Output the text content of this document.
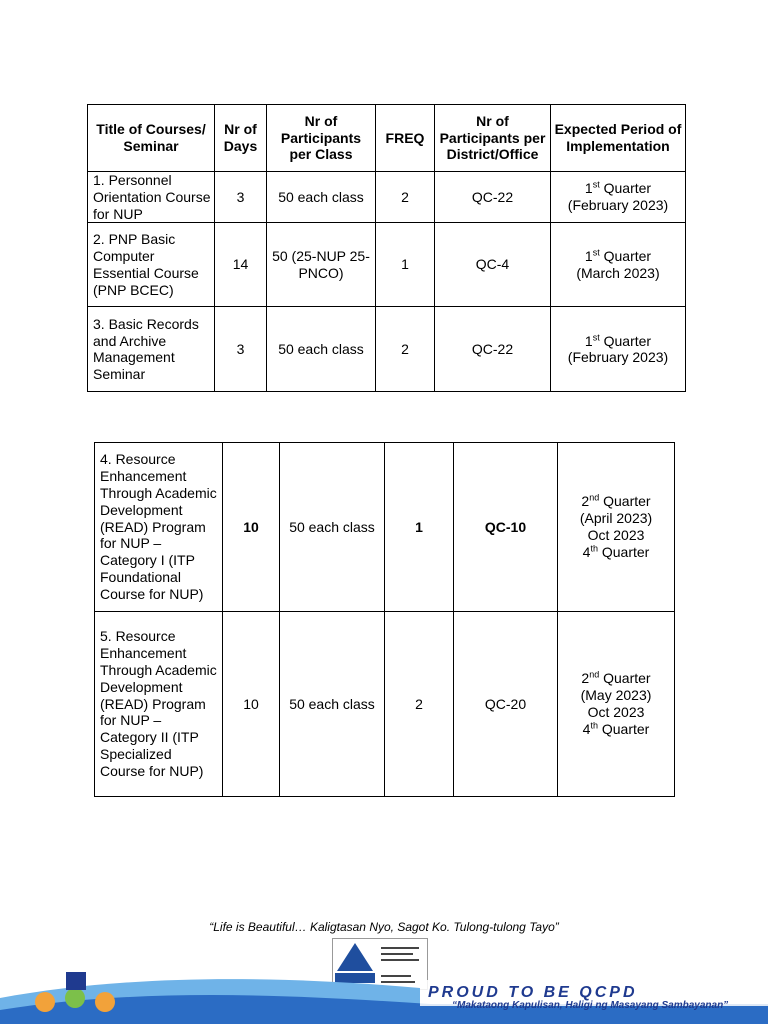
Title of Courses/ Seminar	Nr of Days	Nr of Participants per Class	FREQ	Nr of Participants per District/Office	Expected Period of Implementation
1. Personnel Orientation Course for NUP	3	50 each class	2	QC-22	1st Quarter
(February 2023)
2. PNP Basic Computer Essential Course (PNP BCEC)	14	50 (25-NUP 25-PNCO)	1	QC-4	1st Quarter
(March 2023)
3. Basic Records and Archive Management Seminar	3	50 each class	2	QC-22	1st Quarter
(February 2023)
4. Resource Enhancement Through Academic Development (READ) Program for NUP – Category I (ITP Foundational Course for NUP)	10	50 each class	1	QC-10	2nd Quarter
(April 2023)
Oct 2023
4th Quarter
5. Resource Enhancement Through Academic Development (READ) Program for NUP – Category II (ITP Specialized Course for NUP)	10	50 each class	2	QC-20	2nd Quarter
(May 2023)
Oct 2023
4th Quarter
“Life is Beautiful… Kaligtasan Nyo, Sagot Ko. Tulong-tulong Tayo”
PROUD TO BE QCPD
“Makataong Kapulisan, Haligi ng Masayang Sambayanan”
